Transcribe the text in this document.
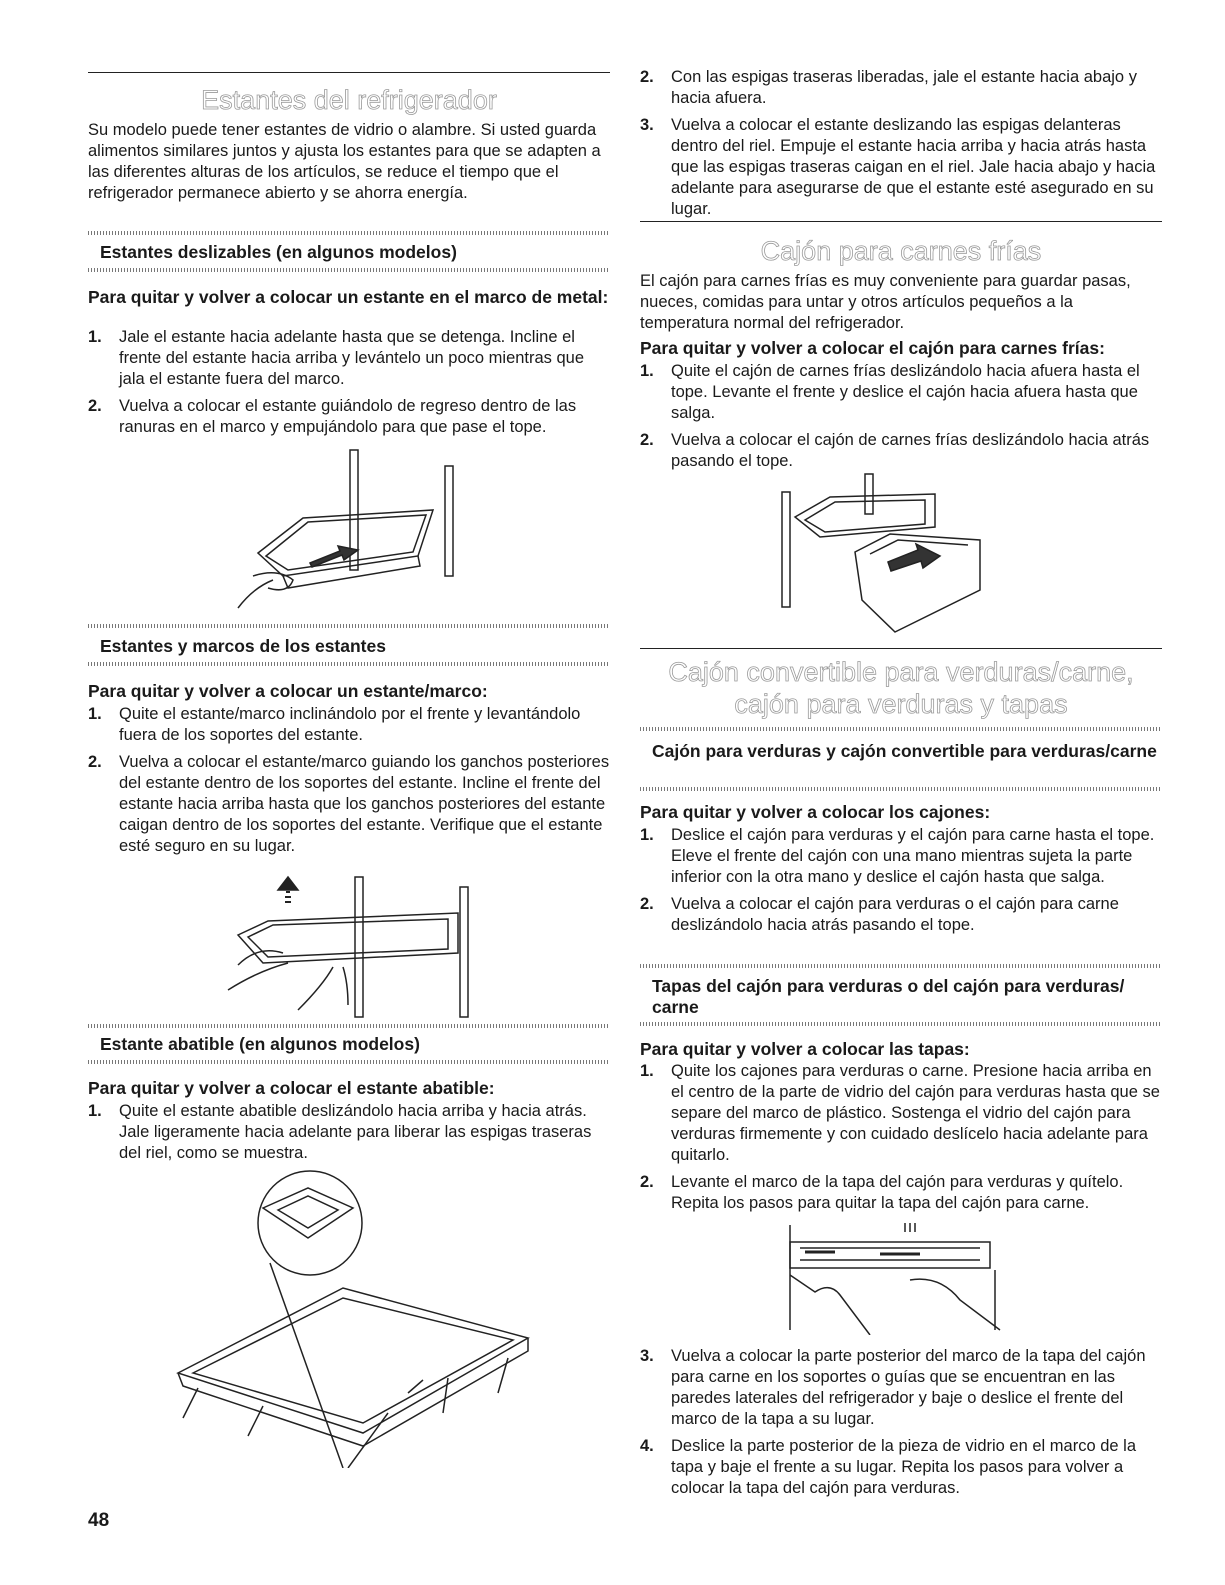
Estantes del refrigerador

Su modelo puede tener estantes de vidrio o alambre. Si usted guarda alimentos similares juntos y ajusta los estantes para que se adapten a las diferentes alturas de los artículos, se reduce el tiempo que el refrigerador permanece abierto y se ahorra energía.

Estantes deslizables (en algunos modelos)

Para quitar y volver a colocar un estante en el marco de metal:

1. Jale el estante hacia adelante hasta que se detenga. Incline el frente del estante hacia arriba y levántelo un poco mientras que jala el estante fuera del marco.
2. Vuelva a colocar el estante guiándolo de regreso dentro de las ranuras en el marco y empujándolo para que pase el tope.
Estantes y marcos de los estantes

Para quitar y volver a colocar un estante/marco:

1. Quite el estante/marco inclinándolo por el frente y levantándolo fuera de los soportes del estante.
2. Vuelva a colocar el estante/marco guiando los ganchos posteriores del estante dentro de los soportes del estante. Incline el frente del estante hacia arriba hasta que los ganchos posteriores del estante caigan dentro de los soportes del estante. Verifique que el estante esté seguro en su lugar.
Estante abatible (en algunos modelos)

Para quitar y volver a colocar el estante abatible:

1. Quite el estante abatible deslizándolo hacia arriba y hacia atrás. Jale ligeramente hacia adelante para liberar las espigas traseras del riel, como se muestra.
2. Con las espigas traseras liberadas, jale el estante hacia abajo y hacia afuera.
3. Vuelva a colocar el estante deslizando las espigas delanteras dentro del riel. Empuje el estante hacia arriba y hacia atrás hasta que las espigas traseras caigan en el riel. Jale hacia abajo y hacia adelante para asegurarse de que el estante esté asegurado en su lugar.
Cajón para carnes frías

El cajón para carnes frías es muy conveniente para guardar pasas, nueces, comidas para untar y otros artículos pequeños a la temperatura normal del refrigerador.

Para quitar y volver a colocar el cajón para carnes frías:

1. Quite el cajón de carnes frías deslizándolo hacia afuera hasta el tope. Levante el frente y deslice el cajón hacia afuera hasta que salga.
2. Vuelva a colocar el cajón de carnes frías deslizándolo hacia atrás pasando el tope.
Cajón convertible para verduras/carne,
cajón para verduras y tapas
Cajón para verduras y cajón convertible para verduras/carne

Para quitar y volver a colocar los cajones:

1. Deslice el cajón para verduras y el cajón para carne hasta el tope. Eleve el frente del cajón con una mano mientras sujeta la parte inferior con la otra mano y deslice el cajón hasta que salga.
2. Vuelva a colocar el cajón para verduras o el cajón para carne deslizándolo hacia atrás pasando el tope.
Tapas del cajón para verduras o del cajón para verduras/ carne

Para quitar y volver a colocar las tapas:

1. Quite los cajones para verduras o carne. Presione hacia arriba en el centro de la parte de vidrio del cajón para verduras hasta que se separe del marco de plástico. Sostenga el vidrio del cajón para verduras firmemente y con cuidado deslícelo hacia adelante para quitarlo.
2. Levante el marco de la tapa del cajón para verduras y quítelo. Repita los pasos para quitar la tapa del cajón para carne.
3. Vuelva a colocar la parte posterior del marco de la tapa del cajón para carne en los soportes o guías que se encuentran en las paredes laterales del refrigerador y baje o deslice el frente del marco de la tapa a su lugar.
4. Deslice la parte posterior de la pieza de vidrio en el marco de la tapa y baje el frente a su lugar. Repita los pasos para volver a colocar la tapa del cajón para verduras.
48
